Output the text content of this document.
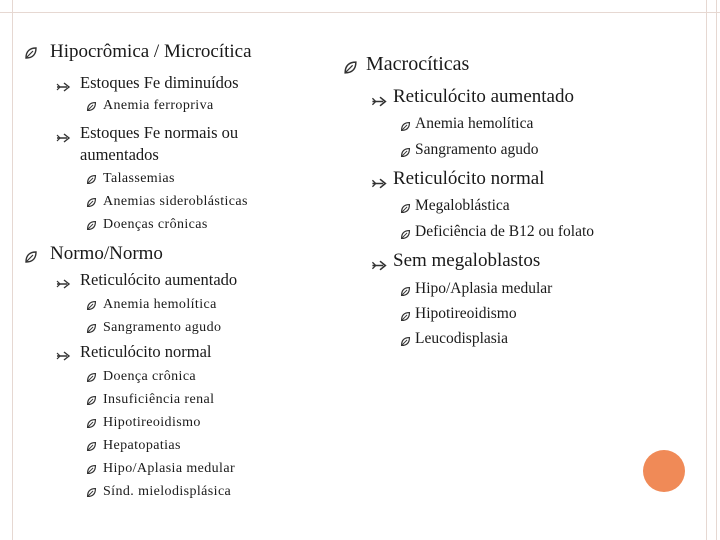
Hipocrômica / Microcítica
Estoques Fe diminuídos
Anemia ferropriva
Estoques Fe normais ou
aumentados
Talassemias
Anemias sideroblásticas
Doenças crônicas
Normo/Normo
Reticulócito aumentado
Anemia hemolítica
Sangramento agudo
Reticulócito normal
Doença crônica
Insuficiência renal
Hipotireoidismo
Hepatopatias
Hipo/Aplasia medular
Sínd. mielodisplásica
Macrocíticas
Reticulócito aumentado
Anemia hemolítica
Sangramento agudo
Reticulócito normal
Megaloblástica
Deficiência de B12 ou folato
Sem megaloblastos
Hipo/Aplasia medular
Hipotireoidismo
Leucodisplasia
